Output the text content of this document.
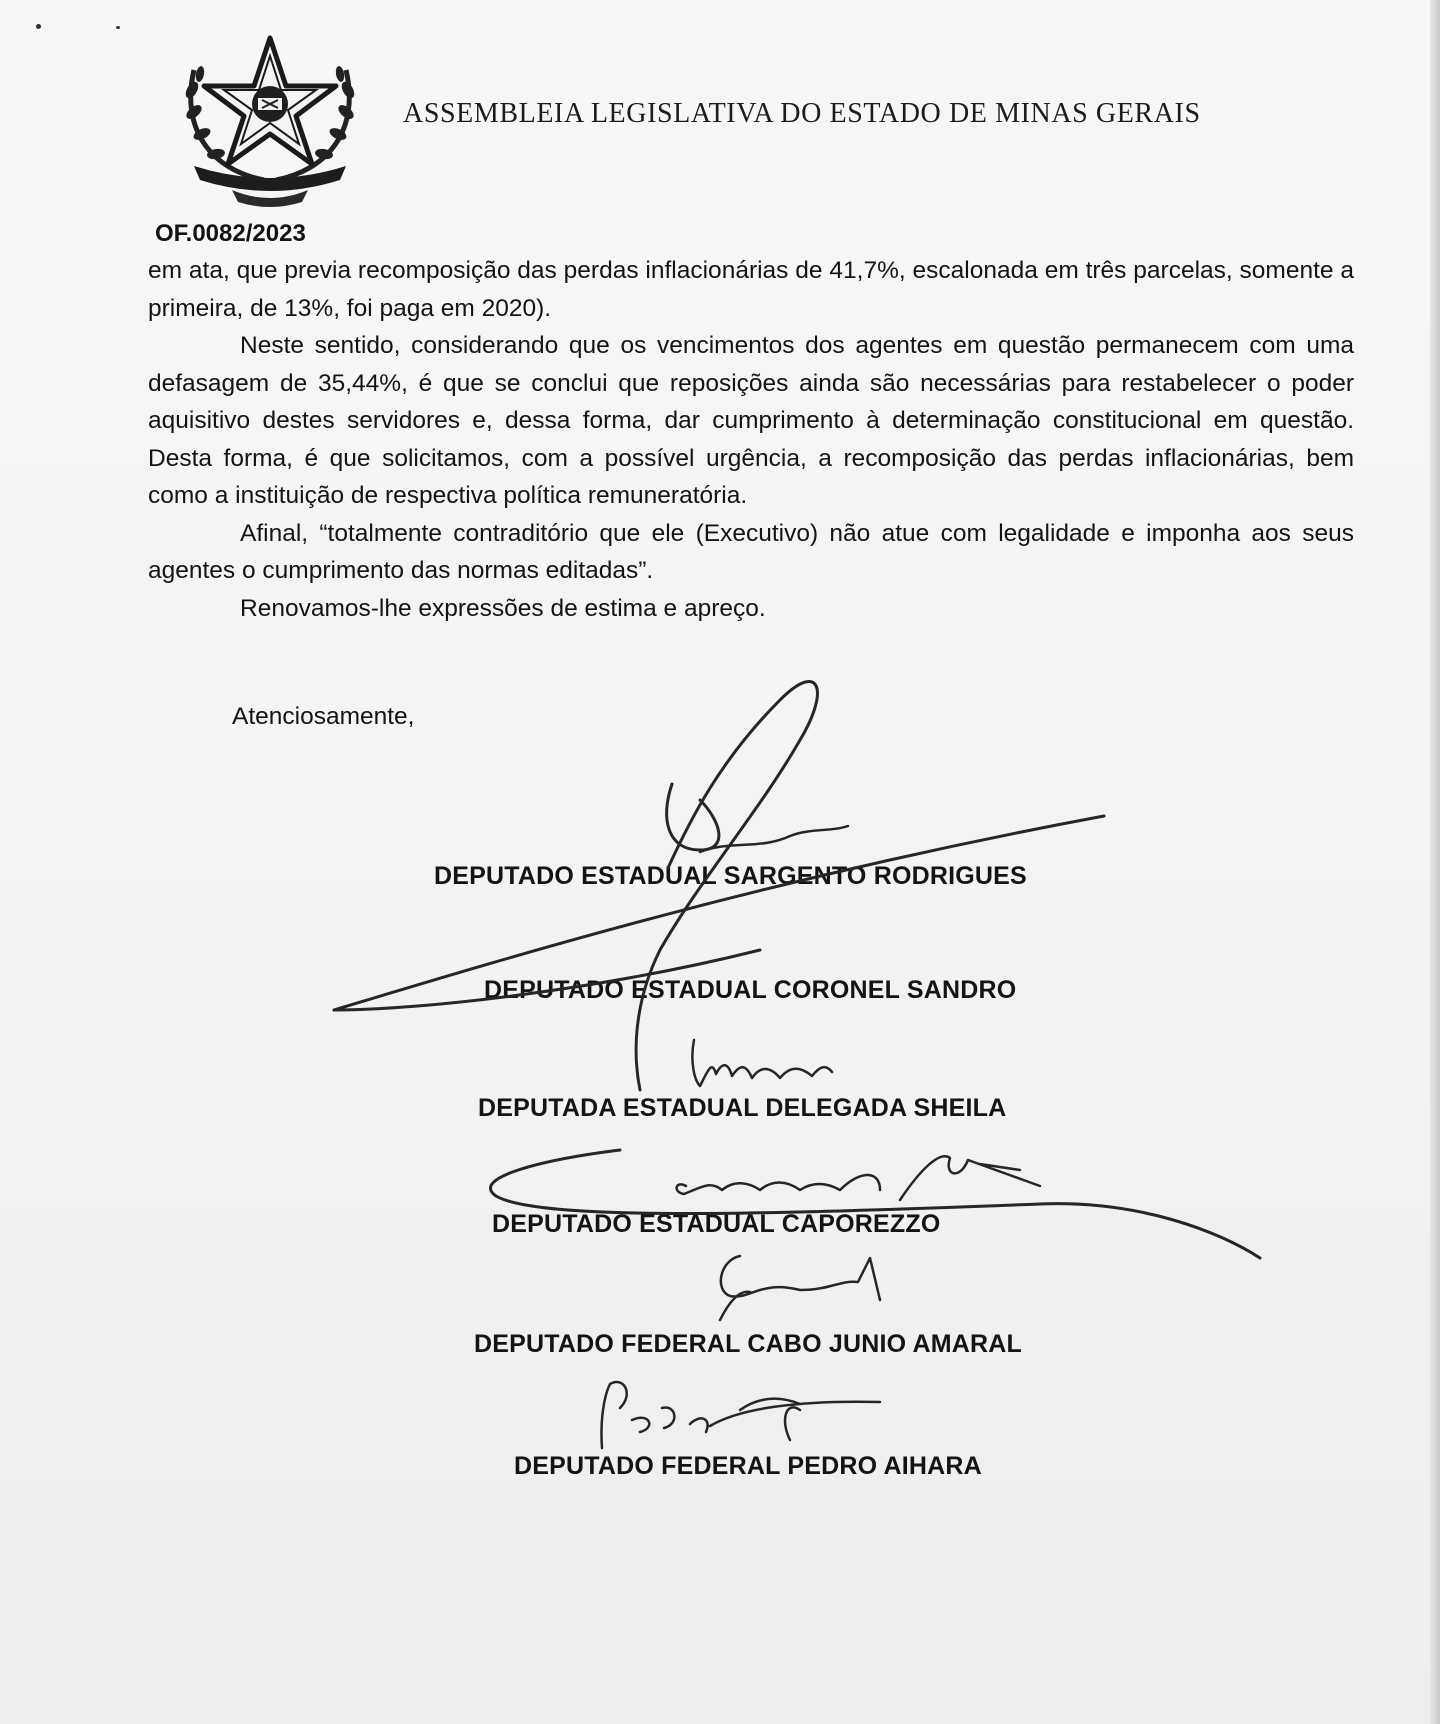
ASSEMBLEIA LEGISLATIVA DO ESTADO DE MINAS GERAIS
OF.0082/2023

em ata, que previa recomposição das perdas inflacionárias de 41,7%, escalonada em três parcelas, somente a primeira, de 13%, foi paga em 2020).

Neste sentido, considerando que os vencimentos dos agentes em questão permanecem com uma defasagem de 35,44%, é que se conclui que reposições ainda são necessárias para restabelecer o poder aquisitivo destes servidores e, dessa forma, dar cumprimento à determinação constitucional em questão. Desta forma, é que solicitamos, com a possível urgência, a recomposição das perdas inflacionárias, bem como a instituição de respectiva política remuneratória.

Afinal, “totalmente contraditório que ele (Executivo) não atue com legalidade e imponha aos seus agentes o cumprimento das normas editadas”.

Renovamos-lhe expressões de estima e apreço.

Atenciosamente,
DEPUTADO ESTADUAL SARGENTO RODRIGUES
DEPUTADO ESTADUAL CORONEL SANDRO
DEPUTADA ESTADUAL DELEGADA SHEILA
DEPUTADO ESTADUAL CAPOREZZO
DEPUTADO FEDERAL CABO JUNIO AMARAL
DEPUTADO FEDERAL PEDRO AIHARA
